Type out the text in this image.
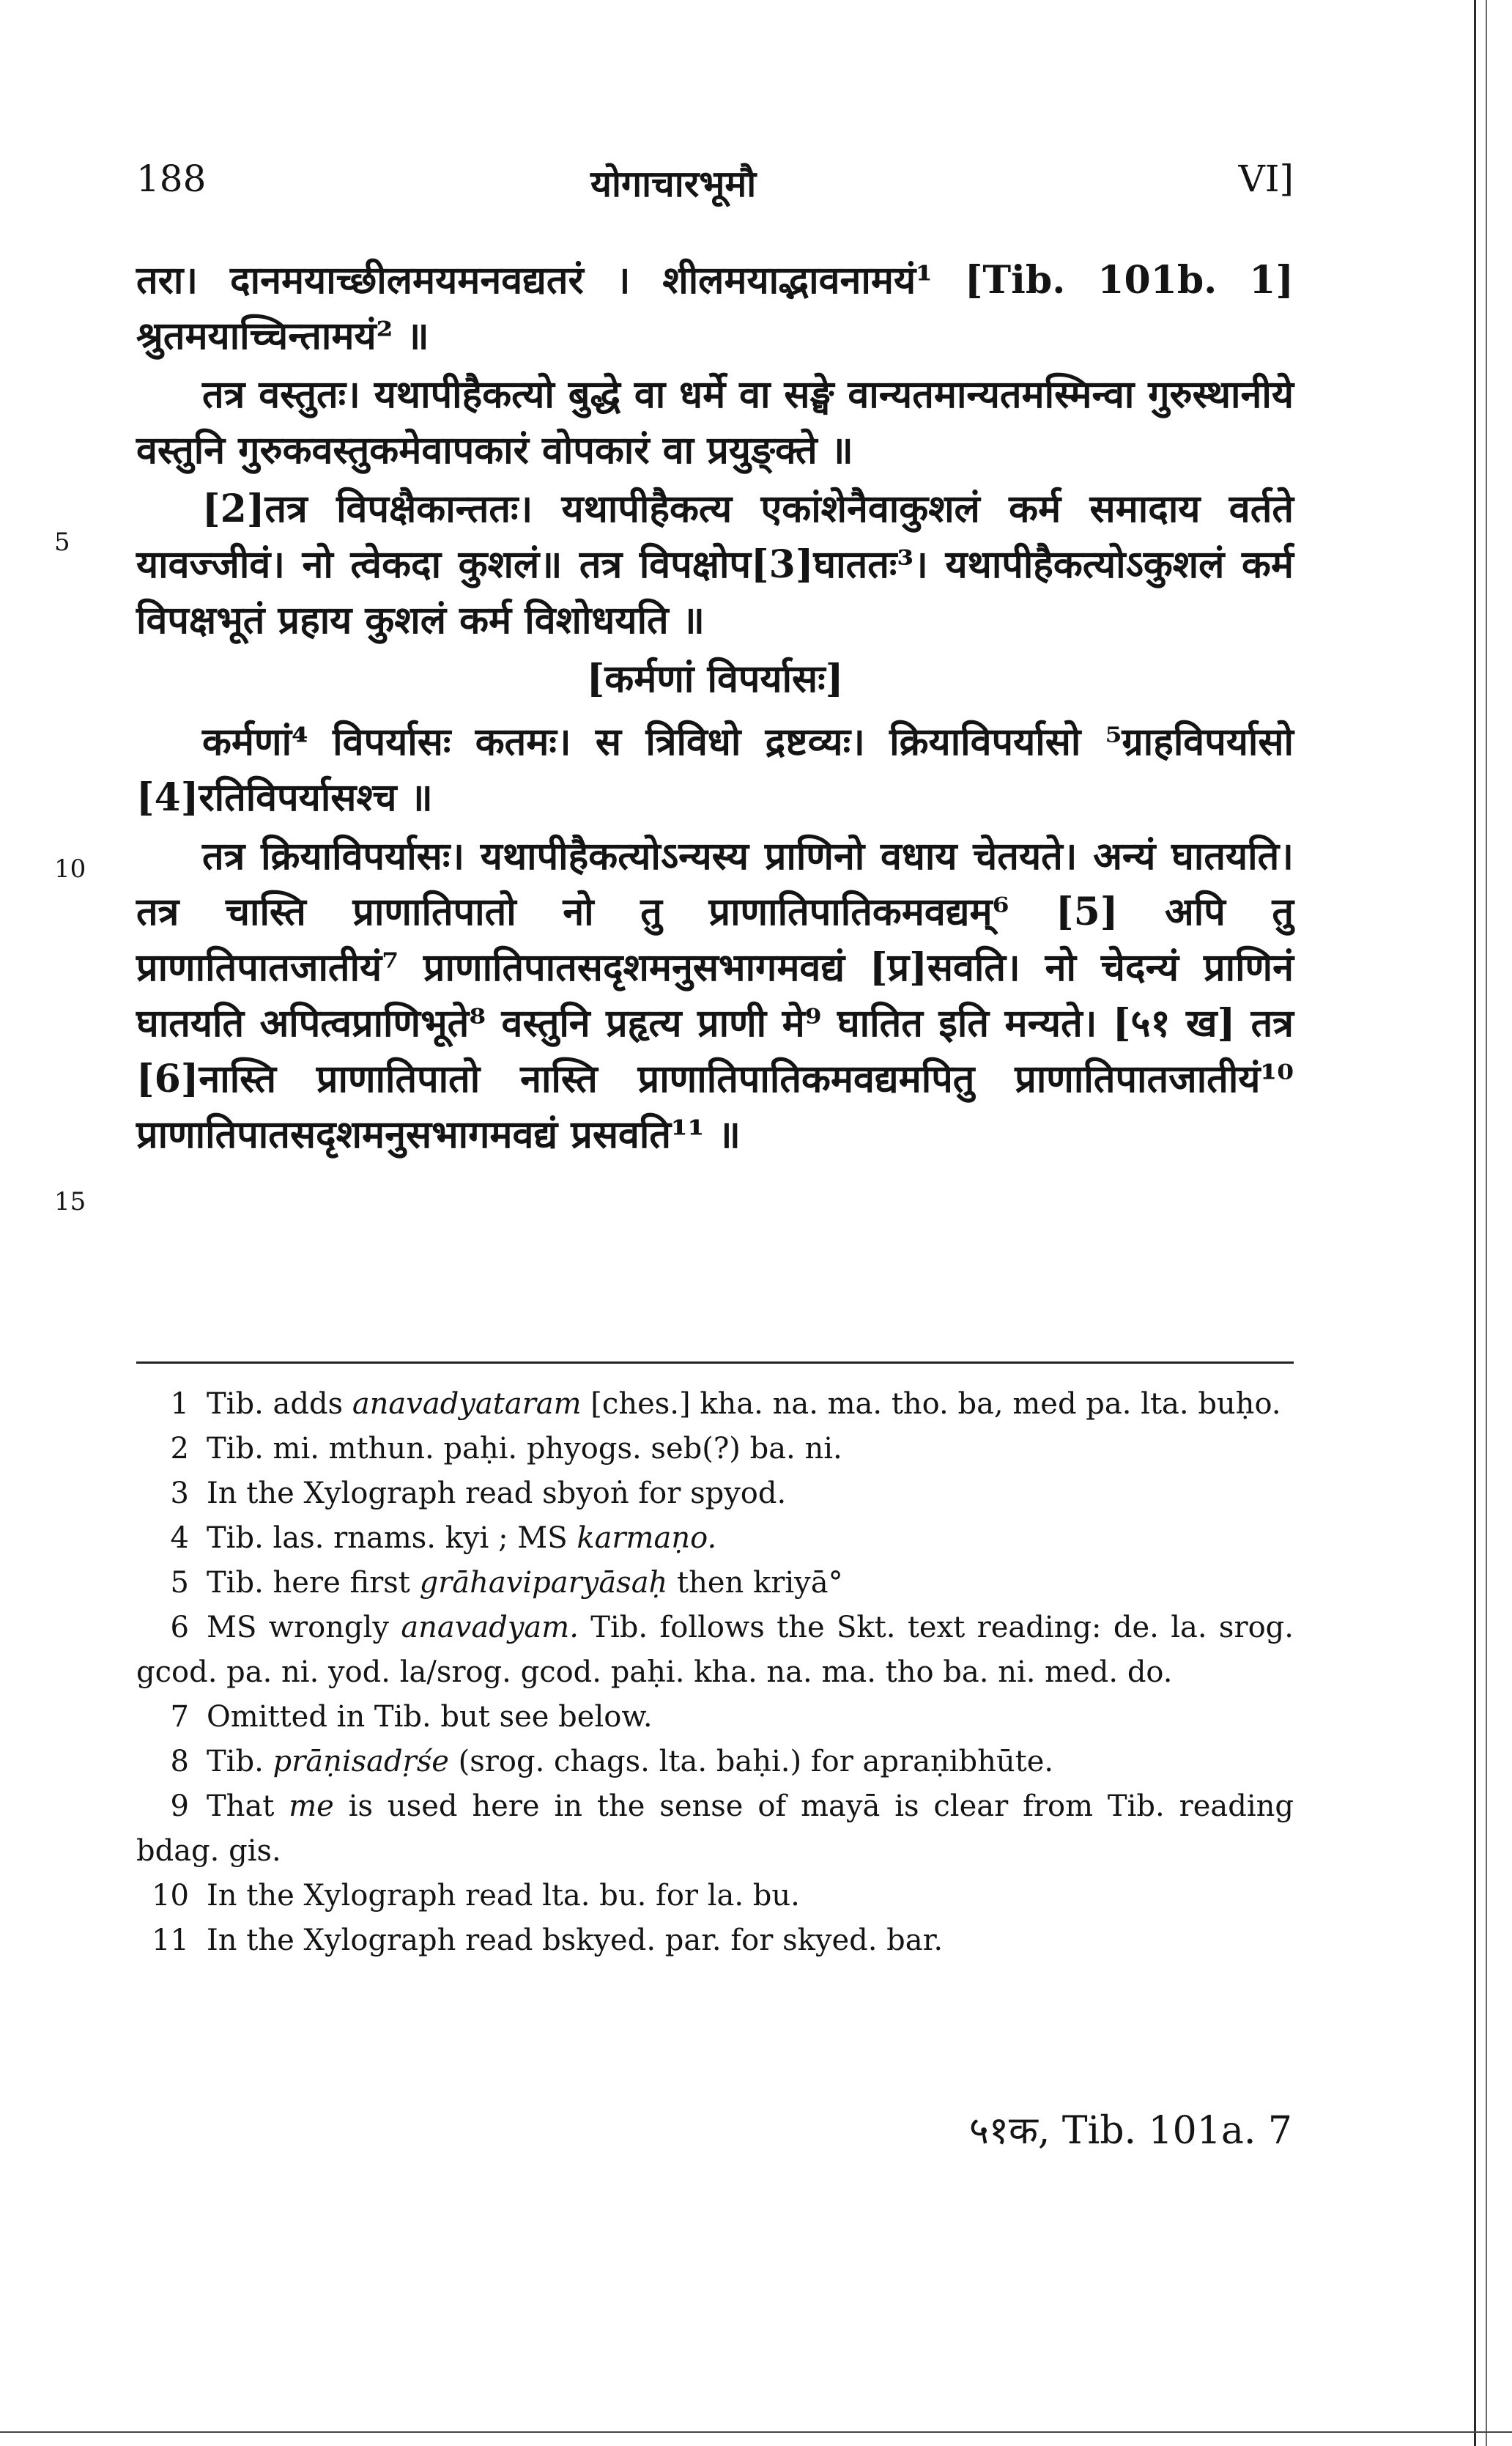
188	योगाचारभूमौ	VI]
5
10
15

तरा। दानमयाच्छीलमयमनवद्यतरं । शीलमयाद्भावनामयं¹ [Tib. 101b. 1] श्रुतमयाच्चिन्तामयं² ॥

तत्र वस्तुतः। यथापीहैकत्यो बुद्धे वा धर्मे वा सङ्घे वान्यतमान्यतमस्मिन्वा गुरुस्थानीये वस्तुनि गुरुकवस्तुकमेवापकारं वोपकारं वा प्रयुङ्क्ते ॥

[2]तत्र विपक्षैकान्ततः। यथापीहैकत्य एकांशेनैवाकुशलं कर्म समादाय वर्तते यावज्जीवं। नो त्वेकदा कुशलं॥ तत्र विपक्षोप[3]घाततः³। यथापीहैकत्योऽकुशलं कर्म विपक्षभूतं प्रहाय कुशलं कर्म विशोधयति ॥

[कर्मणां विपर्यासः]

कर्मणां⁴ विपर्यासः कतमः। स त्रिविधो द्रष्टव्यः। क्रियाविपर्यासो ⁵ग्राहविपर्यासो [4]रतिविपर्यासश्च ॥

तत्र क्रियाविपर्यासः। यथापीहैकत्योऽन्यस्य प्राणिनो वधाय चेतयते। अन्यं घातयति। तत्र चास्ति प्राणातिपातो नो तु प्राणातिपातिकमवद्यम्⁶ [5] अपि तु प्राणातिपातजातीयं⁷ प्राणातिपातसदृशमनुसभागमवद्यं [प्र]सवति। नो चेदन्यं प्राणिनं घातयति अपित्वप्राणिभूते⁸ वस्तुनि प्रहृत्य प्राणी मे⁹ घातित इति मन्यते। [५१ ख] तत्र [6]नास्ति प्राणातिपातो नास्ति प्राणातिपातिकमवद्यमपितु प्राणातिपातजातीयं¹⁰ प्राणातिपातसदृशमनुसभागमवद्यं प्रसवति¹¹ ॥

1 Tib. adds anavadyataram [ches.] kha. na. ma. tho. ba, med pa. lta. buḥo.

2 Tib. mi. mthun. paḥi. phyogs. seb(?) ba. ni.

3 In the Xylograph read sbyoṅ for spyod.

4 Tib. las. rnams. kyi ; MS karmaṇo.

5 Tib. here first grāhaviparyāsaḥ then kriyā°

6 MS wrongly anavadyam. Tib. follows the Skt. text reading: de. la. srog. gcod. pa. ni. yod. la/srog. gcod. paḥi. kha. na. ma. tho ba. ni. med. do.

7 Omitted in Tib. but see below.

8 Tib. prāṇisadṛśe (srog. chags. lta. baḥi.) for apraṇibhūte.

9 That me is used here in the sense of mayā is clear from Tib. reading bdag. gis.

10 In the Xylograph read lta. bu. for la. bu.

11 In the Xylograph read bskyed. par. for skyed. bar.

५१क, Tib. 101a. 7
